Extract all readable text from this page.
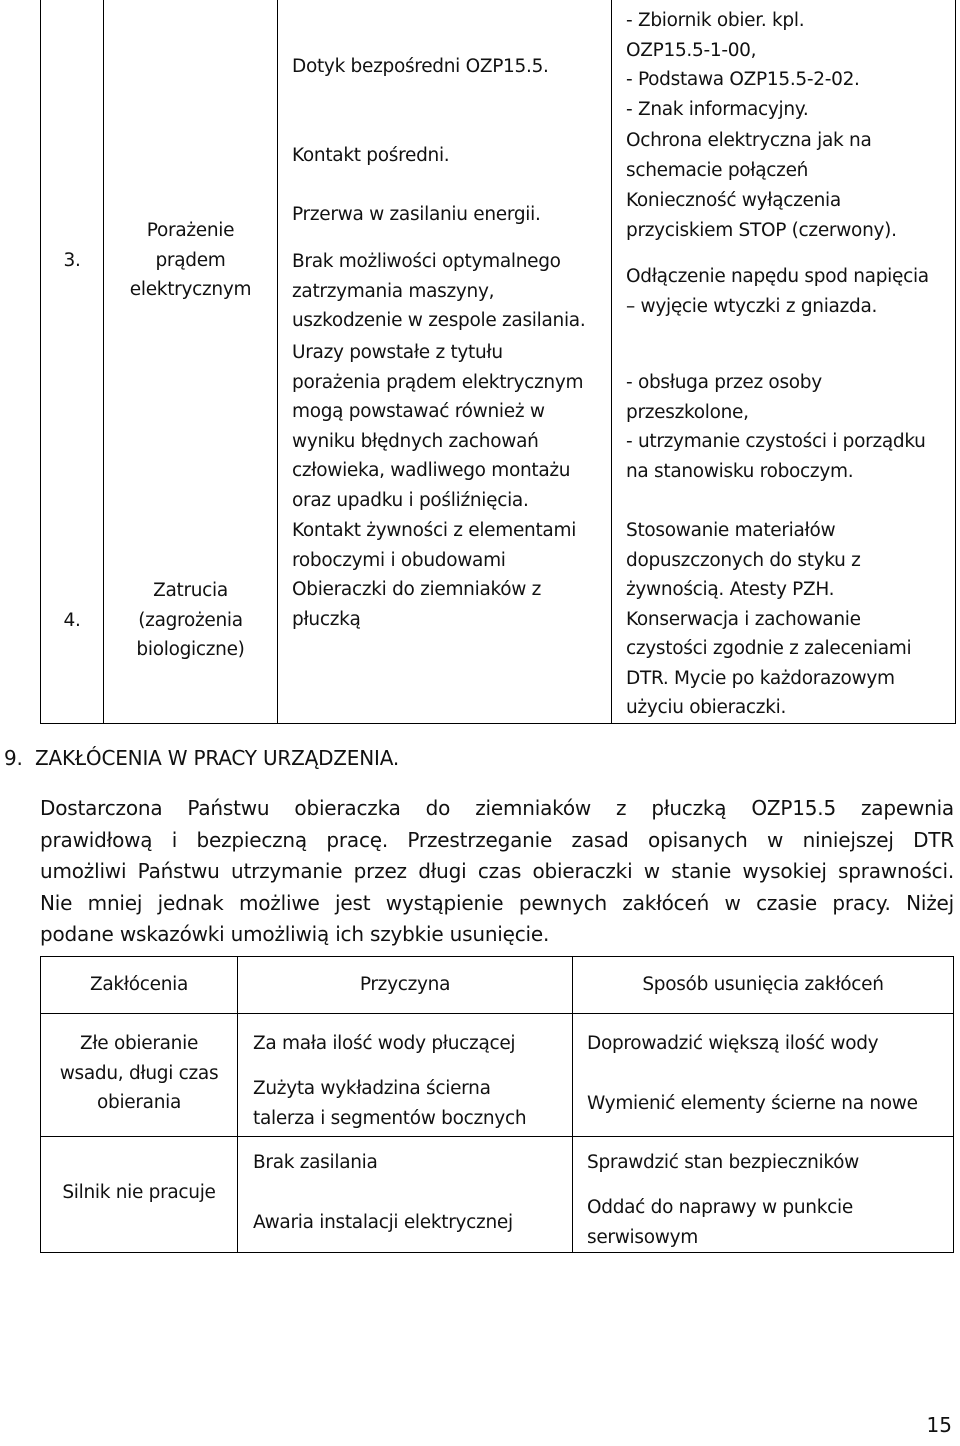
3.
Porażenie
prądem
elektrycznym
Dotyk bezpośredni OZP15.5.
Kontakt pośredni.
Przerwa w zasilaniu energii.
Brak możliwości optymalnego
zatrzymania maszyny,
uszkodzenie w zespole zasilania.
Urazy powstałe z tytułu
porażenia prądem elektrycznym
mogą powstawać również w
wyniku błędnych zachowań
człowieka, wadliwego montażu
oraz upadku i pośliźnięcia.
- Zbiornik obier. kpl.
OZP15.5-1-00,
- Podstawa OZP15.5-2-02.
- Znak informacyjny.
Ochrona elektryczna jak na
schemacie połączeń
Konieczność wyłączenia
przyciskiem STOP (czerwony).
Odłączenie napędu spod napięcia
– wyjęcie wtyczki z gniazda.
- obsługa przez osoby
przeszkolone,
- utrzymanie czystości i porządku
na stanowisku roboczym.
4.
Zatrucia
(zagrożenia
biologiczne)
Kontakt żywności z elementami
roboczymi i obudowami
Obieraczki do ziemniaków z
płuczką
Stosowanie materiałów
dopuszczonych do styku z
żywnością. Atesty PZH.
Konserwacja i zachowanie
czystości zgodnie z zaleceniami
DTR. Mycie po każdorazowym
użyciu obieraczki.
9.  ZAKŁÓCENIA W PRACY URZĄDZENIA.
Dostarczona Państwu obieraczka do ziemniaków z płuczką OZP15.5 zapewnia
prawidłową i bezpieczną pracę. Przestrzeganie zasad opisanych w niniejszej DTR
umożliwi Państwu utrzymanie przez długi czas obieraczki w stanie wysokiej sprawności.
Nie mniej jednak możliwe jest wystąpienie pewnych zakłóceń w czasie pracy. Niżej
podane wskazówki umożliwią ich szybkie usunięcie.
Zakłócenia	Przyczyna	Sposób usunięcia zakłóceń
Złe obieranie
wsadu, długi czas
obierania
Za mała ilość wody płuczącej
Zużyta wykładzina ścierna
talerza i segmentów bocznych
Doprowadzić większą ilość wody
Wymienić elementy ścierne na nowe
Silnik nie pracuje
Brak zasilania
Awaria instalacji elektrycznej
Sprawdzić stan bezpieczników
Oddać do naprawy w punkcie
serwisowym
15
